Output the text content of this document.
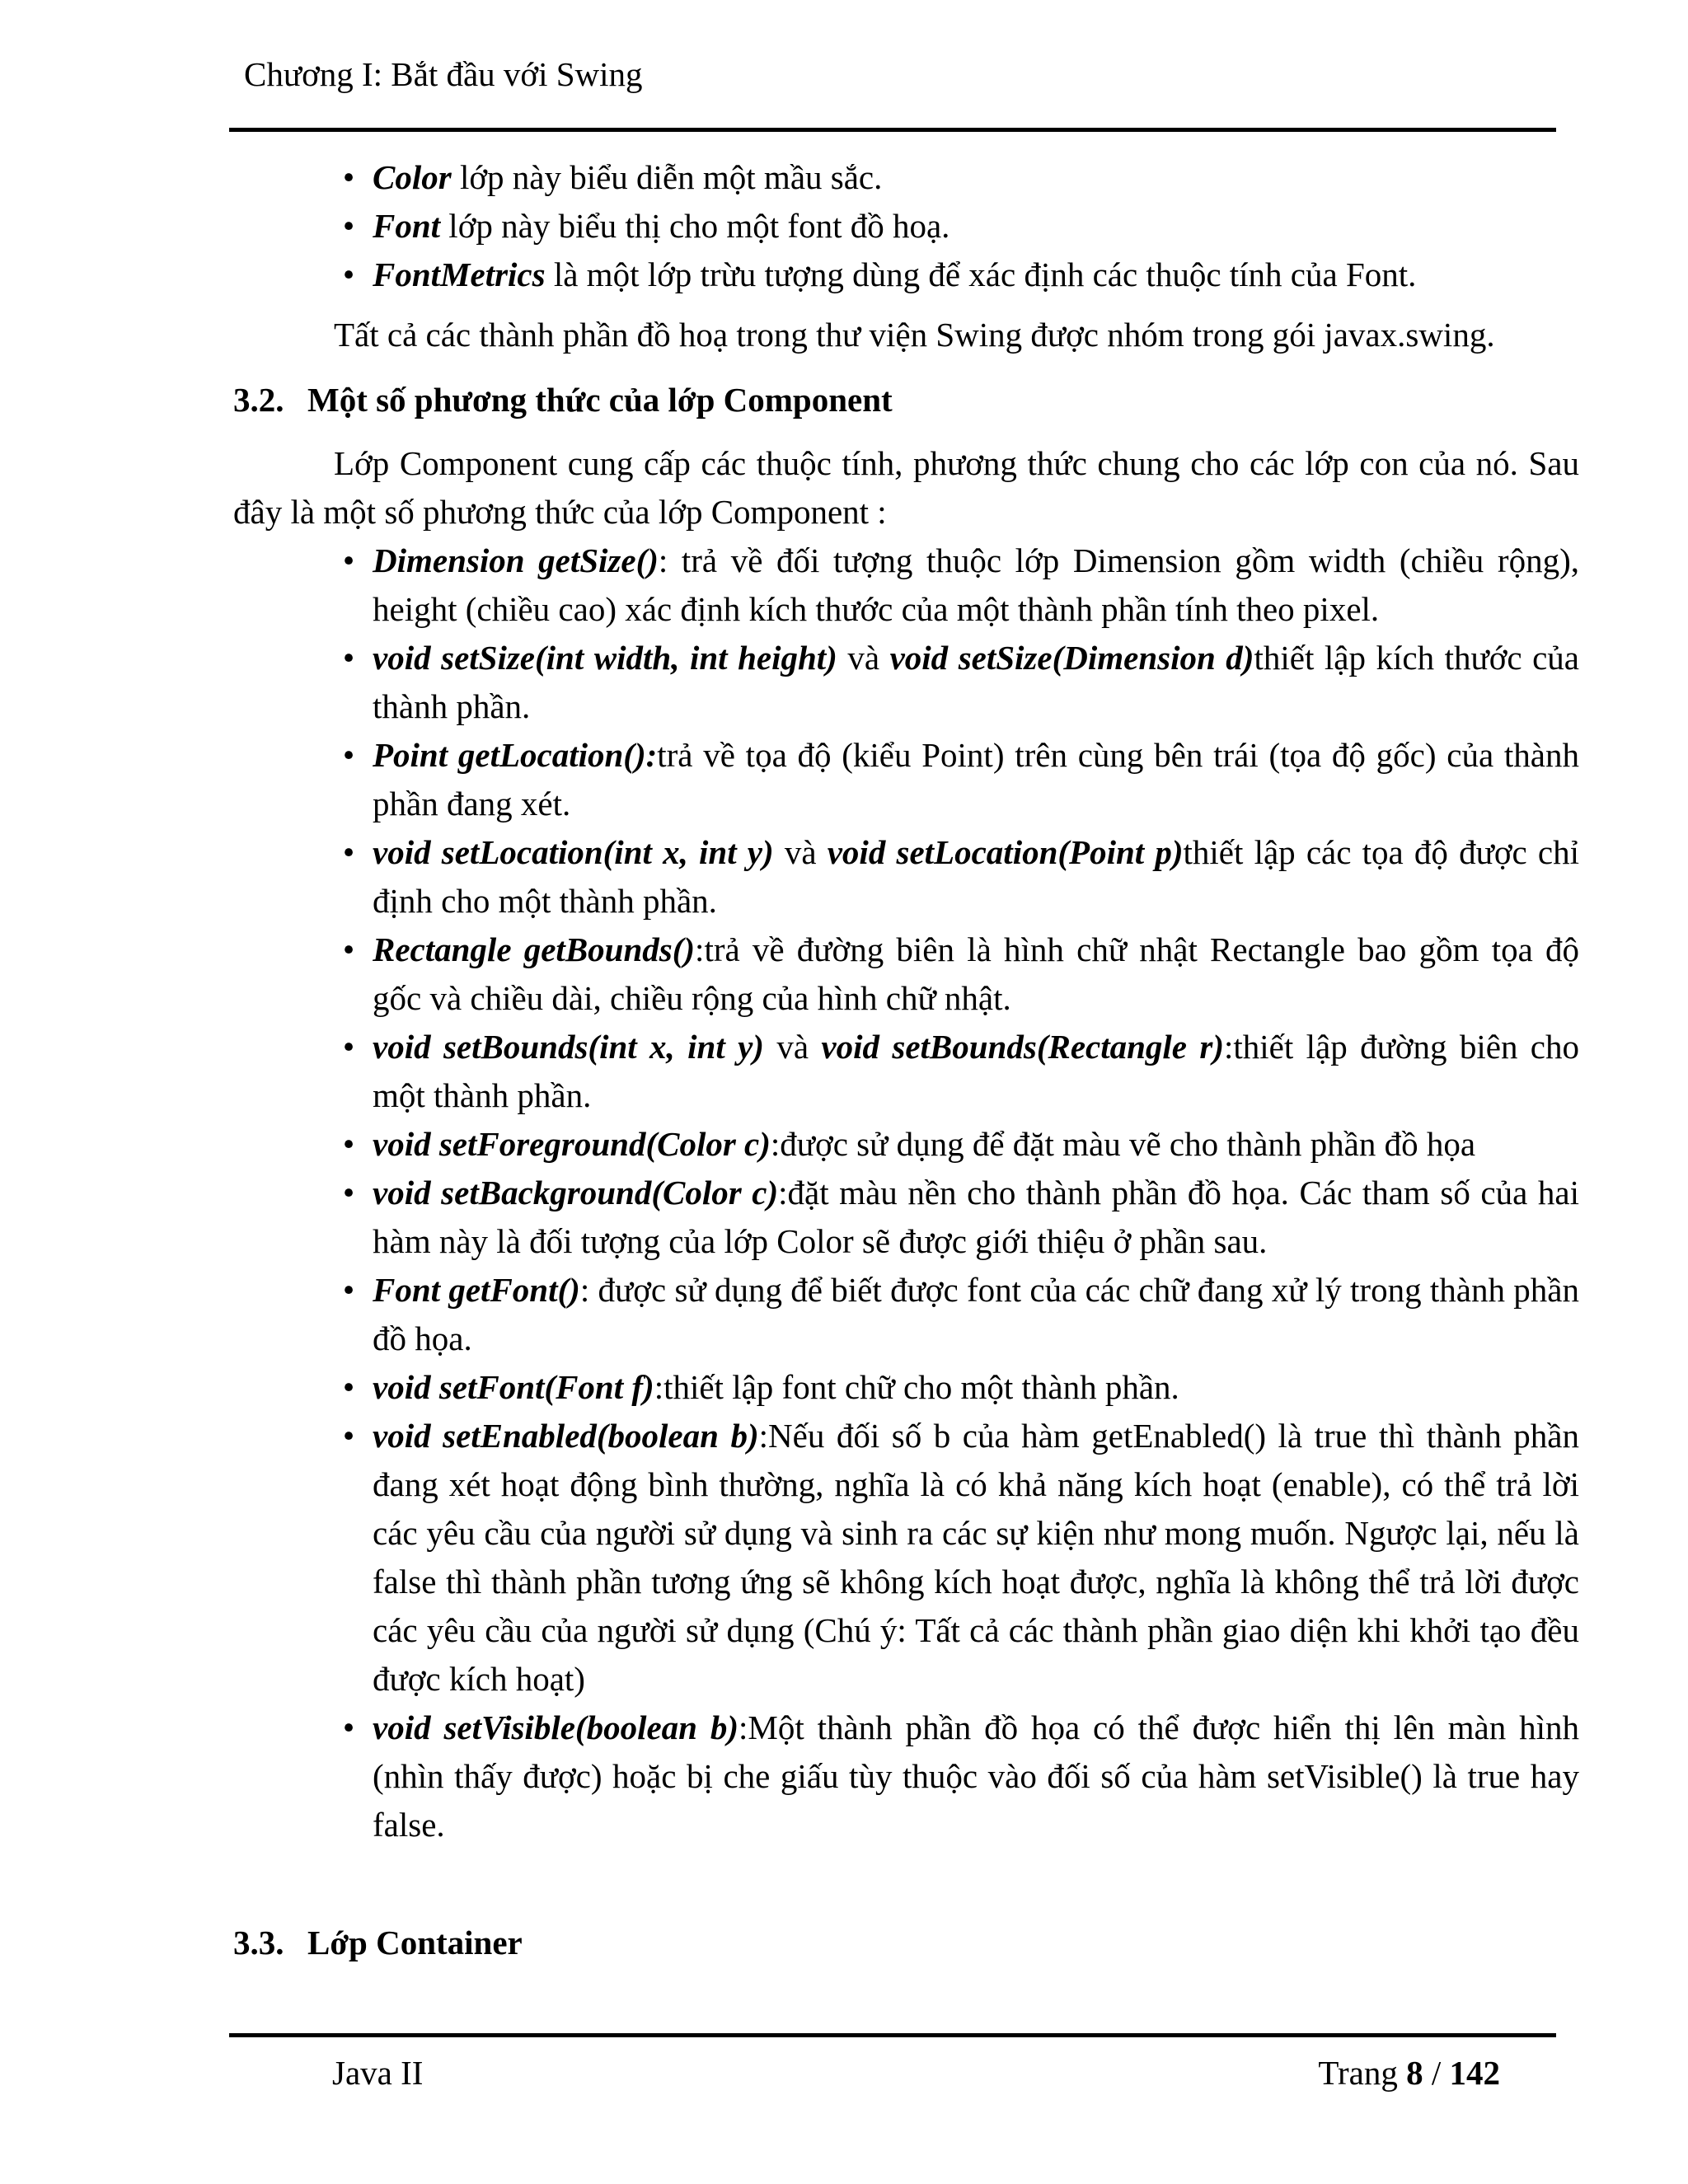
Chương I: Bắt đầu với Swing
• Color lớp này biểu diễn một mầu sắc.
• Font lớp này biểu thị cho một font đồ hoạ.
• FontMetrics là một lớp trừu tượng dùng để xác định các thuộc tính của Font.

Tất cả các thành phần đồ hoạ trong thư viện Swing được nhóm trong gói javax.swing.

3.2. Một số phương thức của lớp Component

Lớp Component cung cấp các thuộc tính, phương thức chung cho các lớp con của nó. Sau đây là một số phương thức của lớp Component :

• Dimension getSize(): trả về đối tượng thuộc lớp Dimension gồm width (chiều rộng), height (chiều cao) xác định kích thước của một thành phần tính theo pixel.
• void setSize(int width, int height) và void setSize(Dimension d)thiết lập kích thước của thành phần.
• Point getLocation():trả về tọa độ (kiểu Point) trên cùng bên trái (tọa độ gốc) của thành phần đang xét.
• void setLocation(int x, int y) và void setLocation(Point p)thiết lập các tọa độ được chỉ định cho một thành phần.
• Rectangle getBounds():trả về đường biên là hình chữ nhật Rectangle bao gồm tọa độ gốc và chiều dài, chiều rộng của hình chữ nhật.
• void setBounds(int x, int y) và void setBounds(Rectangle r):thiết lập đường biên cho một thành phần.
• void setForeground(Color c):được sử dụng để đặt màu vẽ cho thành phần đồ họa
• void setBackground(Color c):đặt màu nền cho thành phần đồ họa. Các tham số của hai hàm này là đối tượng của lớp Color sẽ được giới thiệu ở phần sau.
• Font getFont(): được sử dụng để biết được font của các chữ đang xử lý trong thành phần đồ họa.
• void setFont(Font f):thiết lập font chữ cho một thành phần.
• void setEnabled(boolean b):Nếu đối số b của hàm getEnabled() là true thì thành phần đang xét hoạt động bình thường, nghĩa là có khả năng kích hoạt (enable), có thể trả lời các yêu cầu của người sử dụng và sinh ra các sự kiện như mong muốn. Ngược lại, nếu là false thì thành phần tương ứng sẽ không kích hoạt được, nghĩa là không thể trả lời được các yêu cầu của người sử dụng (Chú ý: Tất cả các thành phần giao diện khi khởi tạo đều được kích hoạt)
• void setVisible(boolean b):Một thành phần đồ họa có thể được hiển thị lên màn hình (nhìn thấy được) hoặc bị che giấu tùy thuộc vào đối số của hàm setVisible() là true hay false.
3.3. Lớp Container
Java II	Trang 8 / 142
